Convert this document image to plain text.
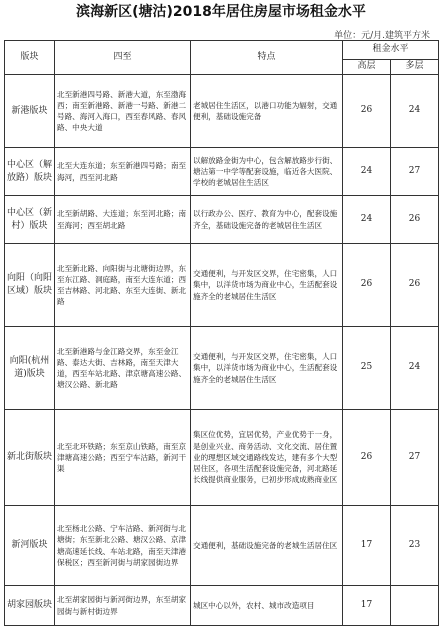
滨海新区(塘沽)2018年居住房屋市场租金水平
单位：元/月.建筑平方米
版块	四至	特点	租金水平	
			高层	多层
新港版块	北至新港四号路、新港大道，东至渤海西；南至新港路、新港一号路、新港二号路、海河入海口，西至春风路、春风路、中央大道	老城居住生活区，以港口功能为辐射，交通便利，基础设施完备	26	24
中心区（解放路）版块	北至大连东道；东至新港四号路；南至海河，西至河北路	以解放路金街为中心，包含解放路步行街、塘沽第一中学等配套设施，临近各大医院、学校的老城居住生活区	24	27
中心区（新村）版块	北至新胡路、大连道；东至河北路；南至海河；西至胡北路	以行政办公、医疗、教育为中心，配套设施齐全，基础设施完备的老城居住生活区	24	26
向阳（向阳区域）版块	北至新北路、向阳街与北塘街边界，东至东江路、洞庭路，南至大连东道；西至吉林路、河北路、东至大连街、新北路	交通便利，与开发区交界，住宅密集，人口集中，以洋货市场为商业中心，生活配套设施齐全的老城居住生活区	26	26
向阳(杭州道)版块	北至新港路与金江路交界，东至金江路、泰达大街、吉林路，南至天津大道，西至车站北路、津京塘高速公路、塘汉公路、新北路	交通便利，与开发区交界，住宅密集，人口集中，以洋货市场为商业中心，生活配套设施齐全的老城居住生活区	25	24
新北街版块	北至北环铁路；东至京山铁路，南至京津塘高速公路；西至宁车沽路，新河干渠	集区位优势，宜居优势，产业优势于一身，是创业兴业、商务活动、文化交流、居住置业的理想区域交通路线发达，建有多个大型居住区，各项生活配套设施完备，河北路延长线提供商业服务，已初步形成成熟商业区	26	27
新河版块	北至杨北公路、宁车沽路、新河街与北塘街；东至新北公路、塘汉公路、京津塘高速延长线、车站北路，南至天津港保税区；西至新河街与胡家园街边界	交通便利，基础设施完备的老城生活居住区	17	23
胡家园版块	北至胡家园街与新河街边界，东至胡家园街与新村街边界	城区中心以外，农村、城市改造项目	17	
